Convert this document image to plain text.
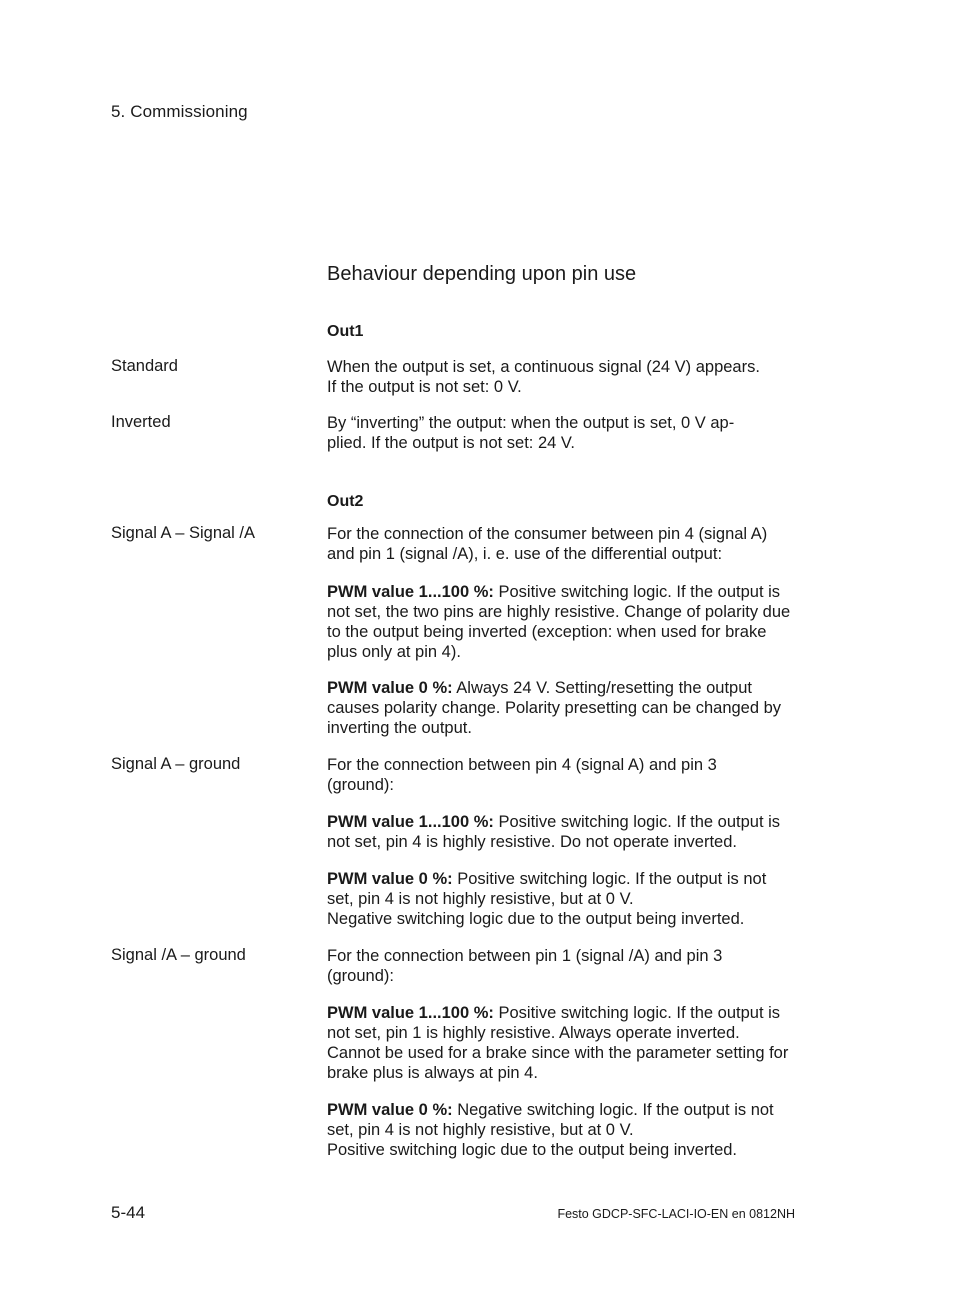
5. Commissioning
Behaviour depending upon pin use
Out1
Standard	When the output is set, a continuous signal (24 V) appears.
If the output is not set: 0 V.
Inverted	By “inverting” the output: when the output is set, 0 V ap-
plied. If the output is not set: 24 V.
Out2
Signal A – Signal /A	For the connection of the consumer between pin 4 (signal A)
and pin 1 (signal /A), i. e. use of the differential output:

PWM value 1...100 %: Positive switching logic. If the output is not set, the two pins are highly resistive. Change of polarity due to the output being inverted (exception: when used for brake plus only at pin 4).

PWM value 0 %: Always 24 V. Setting/resetting the output causes polarity change. Polarity presetting can be changed by inverting the output.

Signal A – ground	For the connection between pin 4 (signal A) and pin 3
(ground):

PWM value 1...100 %: Positive switching logic. If the output is not set, pin 4 is highly resistive. Do not operate inverted.

PWM value 0 %: Positive switching logic. If the output is not set, pin 4 is not highly resistive, but at 0 V.
Negative switching logic due to the output being inverted.
Signal /A – ground	For the connection between pin 1 (signal /A) and pin 3
(ground):

PWM value 1...100 %: Positive switching logic. If the output is not set, pin 1 is highly resistive. Always operate inverted. Cannot be used for a brake since with the parameter setting for brake plus is always at pin 4.

PWM value 0 %: Negative switching logic. If the output is not set, pin 4 is not highly resistive, but at 0 V.
Positive switching logic due to the output being inverted.
5-44	Festo GDCP-SFC-LACI-IO-EN en 0812NH
